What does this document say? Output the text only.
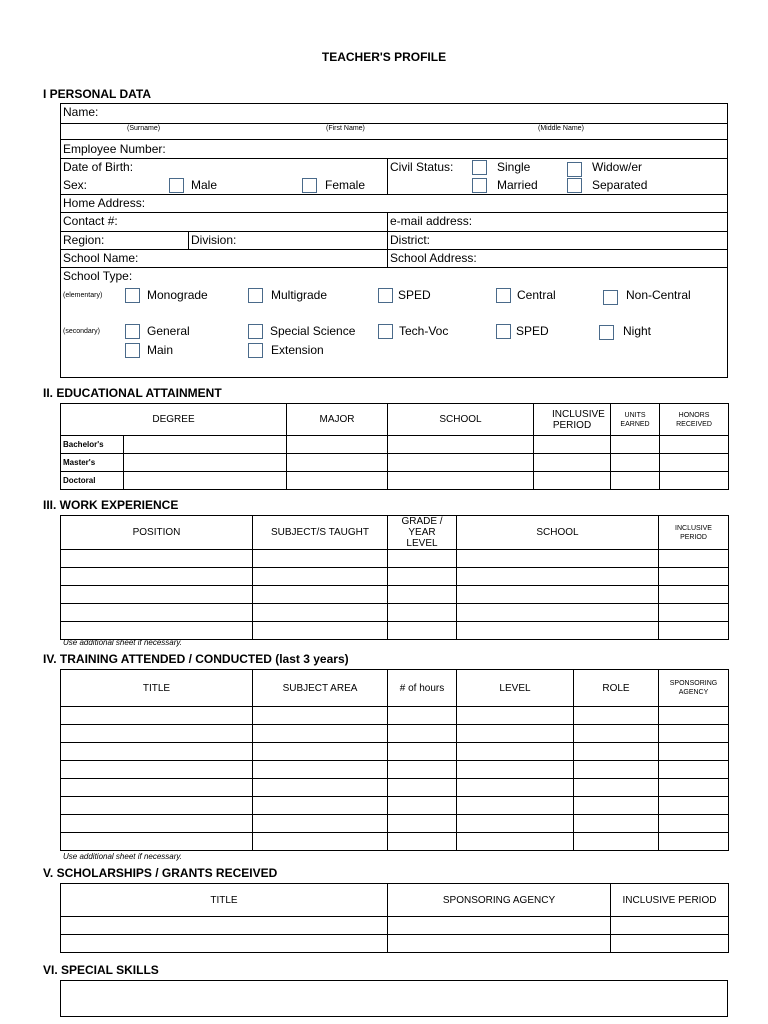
TEACHER'S PROFILE
I PERSONAL DATA
Name:
(Surname)	(First Name)	(Middle Name)
Employee Number:
Date of Birth:	Civil Status:	Single	Widow/er
Sex:	Male	Female	Married	Separated
Home Address:
Contact #:	e-mail address:
Region:	Division:	District:
School Name:	School Address:
School Type:
(elementary)	Monograde	Multigrade	SPED	Central	Non-Central
(secondary)	General	Special Science	Tech-Voc	SPED	Night
Main	Extension
II. EDUCATIONAL ATTAINMENT
DEGREE		MAJOR	SCHOOL	INCLUSIVE PERIOD	UNITS EARNED	HONORS RECEIVED
Bachelor's						
Master's						
Doctoral						
III. WORK EXPERIENCE
POSITION	SUBJECT/S TAUGHT	GRADE / YEAR LEVEL	SCHOOL	INCLUSIVE PERIOD

Use additional sheet if necessary.
IV. TRAINING ATTENDED / CONDUCTED (last 3 years)
TITLE	SUBJECT AREA	# of hours	LEVEL	ROLE	SPONSORING AGENCY

Use additional sheet if necessary.
V. SCHOLARSHIPS / GRANTS RECEIVED
TITLE	SPONSORING AGENCY	INCLUSIVE PERIOD

VI. SPECIAL SKILLS
